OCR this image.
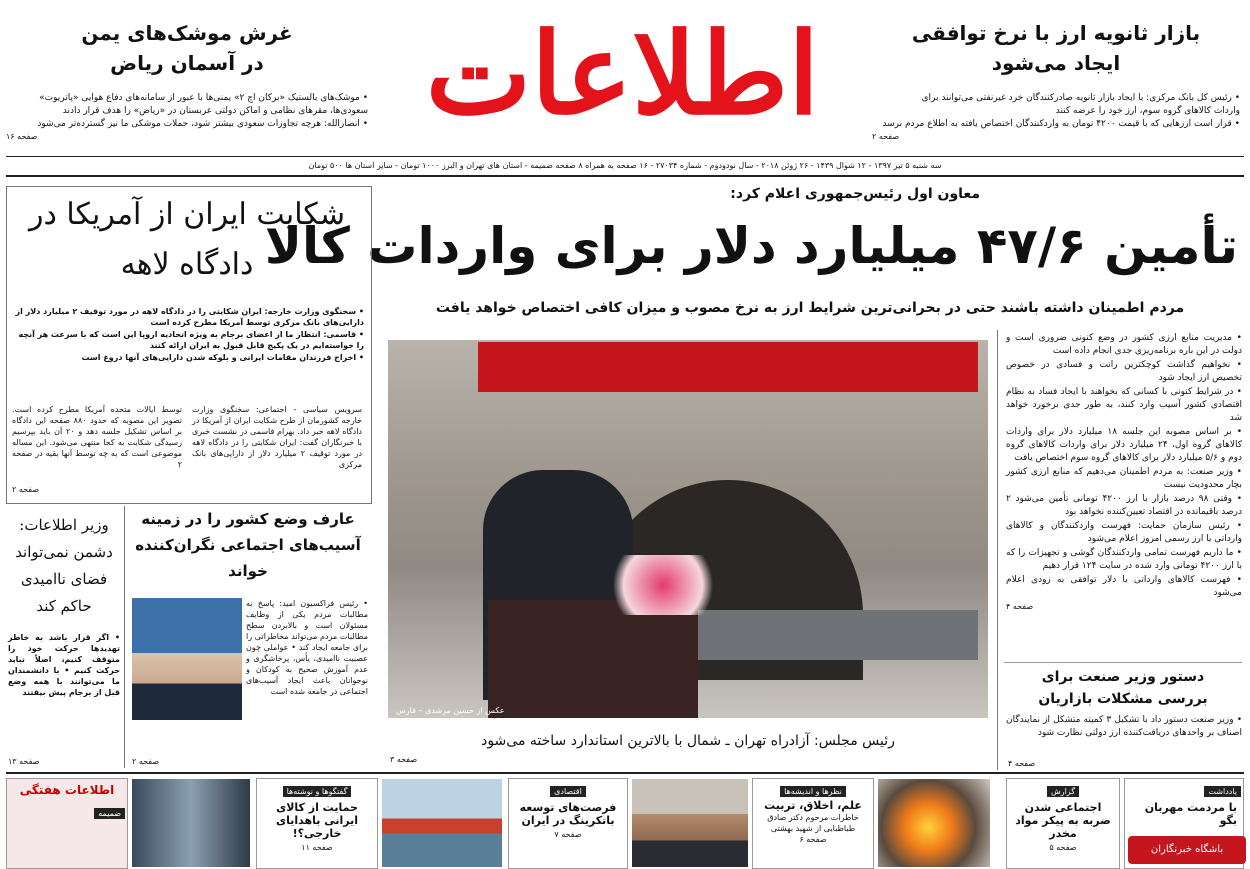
اطلاعات	بازار ثانویه ارز با نرخ توافقی ایجاد می‌شود
• رئیس کل بانک مرکزی: با ایجاد بازار ثانویه صادرکنندگان خرد غیرنفتی می‌توانند برای
واردات کالاهای گروه سوم، ارز خود را عرضه کنند
• قرار است ارزهایی که با قیمت ۴۲۰۰ تومان به واردکنندگان اختصاص یافته به اطلاع مردم برسد
صفحه ۲
غرش موشک‌های یمن در آسمان ریاض
• موشک‌های بالستیک «برکان اچ ۲» یمنی‌ها با عبور از سامانه‌های دفاع هوایی «پاتریوت»
سعودی‌ها، مقرهای نظامی و اماکن دولتی عربستان در «ریاض» را هدف قرار دادند
• انصارالله: هرچه تجاوزات سعودی بیشتر شود، حملات موشکی ما نیز گسترده‌تر می‌شود
صفحه ۱۶
سه شنبه ۵ تیر ۱۳۹۷ - ۱۲ شوال ۱۴۳۹ - ۲۶ ژوئن ۲۰۱۸ - سال نودودوم - شماره ۲۷۰۳۴ - ۱۶ صفحه به همراه ۸ صفحه ضمیمه - استان های تهران و البرز ۱۰۰۰ تومان - سایر استان ها ۵۰۰ تومان
معاون اول رئیس‌جمهوری اعلام کرد:
تأمین ۴۷/۶ میلیارد دلار برای واردات کالا
مردم اطمینان داشته باشند حتی در بحرانی‌ترین شرایط ارز به نرخ مصوب و میزان کافی اختصاص خواهد یافت
عکس از حسین مرشدی – فارس
رئیس مجلس: آزادراه تهران ـ شمال با بالاترین استاندارد ساخته می‌شود
صفحه ۳
• مدیریت منابع ارزی کشور در وضع کنونی ضروری است و دولت در این باره برنامه‌ریزی جدی انجام داده است
• نخواهیم گذاشت کوچکترین رانت و فسادی در خصوص تخصیص ارز ایجاد شود
• در شرایط کنونی با کسانی که بخواهند با ایجاد فساد به نظام اقتصادی کشور آسیب وارد کنند، به طور جدی برخورد خواهد شد
• بر اساس مصوبه این جلسه ۱۸ میلیارد دلار برای واردات کالاهای گروه اول، ۲۴ میلیارد دلار برای واردات کالاهای گروه دوم و ۵/۶ میلیارد دلار برای کالاهای گروه سوم اختصاص یافت
• وزیر صنعت: به مردم اطمینان می‌دهیم که منابع ارزی کشور بچار محدودیت نیست
• وقتی ۹۸ درصد بازار با ارز ۴۲۰۰ تومانی تأمین می‌شود ۲ درصد باقیمانده در اقتصاد تعیین‌کننده نخواهد بود
• رئیس سازمان حمایت: فهرست واردکنندگان و کالاهای وارداتی با ارز رسمی امروز اعلام می‌شود
• ما داریم فهرست تمامی واردکنندگان گوشی و تجهیزات را که با ارز ۴۲۰۰ تومانی وارد شده در سایت ۱۲۴ قرار دهیم
• فهرست کالاهای وارداتی با دلار توافقی به زودی اعلام می‌شود
صفحه ۴
دستور وزیر صنعت برای بررسی مشکلات بازاریان
• وزیر صنعت دستور داد با تشکیل ۳ کمیته متشکل از نمایندگان اصناف بر واحدهای دریافت‌کننده ارز دولتی نظارت شود
صفحه ۴
شکایت ایران از آمریکا در دادگاه لاهه
• سخنگوی وزارت خارجه: ایران شکایتی را در دادگاه لاهه در مورد توقیف ۲ میلیارد دلار از دارایی‌های بانک مرکزی توسط آمریکا مطرح کرده است
• قاسمی: انتظار ما از اعضای برجام به ویژه اتحادیه اروپا این است که با سرعت هر آنچه را خواسته‌ایم در یک پکیج قابل قبول به ایران ارائه کنند
• اخراج فرزندان مقامات ایرانی و بلوکه شدن دارایی‌های آنها دروغ است
سرویس سیاسی - اجتماعی: سخنگوی وزارت خارجه کشورمان از طرح شکایت ایران از آمریکا در دادگاه لاهه خبر داد. بهرام قاسمی در نشست خبری با خبرنگاران گفت: ایران شکایتی را در دادگاه لاهه در مورد توقیف ۲ میلیارد دلار از دارایی‌های بانک مرکزی
توسط ایالات متحده آمریکا مطرح کرده است. تصویر این مصوبه که حدود ۸۸۰ صفحه این دادگاه بر اساس تشکیل جلسه دهد و ۲۰ آن باید بپرسیم رسیدگی شکایت به کجا منتهی می‌شود. این مساله موضوعی است که به چه توسط آنها بقیه در صفحه ۲
صفحه ۲
عارف وضع کشور را در زمینه آسیب‌های اجتماعی نگران‌کننده خواند
• رئیس فراکسیون امید: پاسخ به مطالبات مردم یکی از وظایف مسئولان است و بالابردن سطح مطالبات مردم می‌تواند مخاطراتی را برای جامعه ایجاد کند • عواملی چون عصبیت ناامیدی، یأس، پرخاشگری و عدم آموزش صحیح به کودکان و نوجوانان باعث ایجاد آسیب‌های اجتماعی در جامعه شده است
صفحه ۲
وزیر اطلاعات: دشمن نمی‌تواند فضای ناامیدی حاکم کند
• اگر قرار باشد به خاطر تهدیدها حرکت خود را متوقف کنیم، اصلاً نباید حرکت کنیم • با دانشمندان ما می‌توانند با همه وضع قبل از برجام پیش بیفتند
صفحه ۱۳
یادداشت
با مردمت مهربان بگو
گزارش
اجتماعی شدن ضربه به پیکر مواد مخدر
صفحه ۵
نظرها و اندیشه‌ها
علم، اخلاق، تربیت
خاطرات مرحوم دکتر صادق طباطبایی از شهید بهشتی
صفحه ۶
اقتصادی
فرصت‌های توسعه باتکرینگ در ایران
صفحه ۷
گفتگوها و نوشته‌ها
حمایت از کالای ایرانی باهدایای خارجی؟!
صفحه ۱۱
اطلاعات هفتگی
ضمیمه
باشگاه خبرنگاران
